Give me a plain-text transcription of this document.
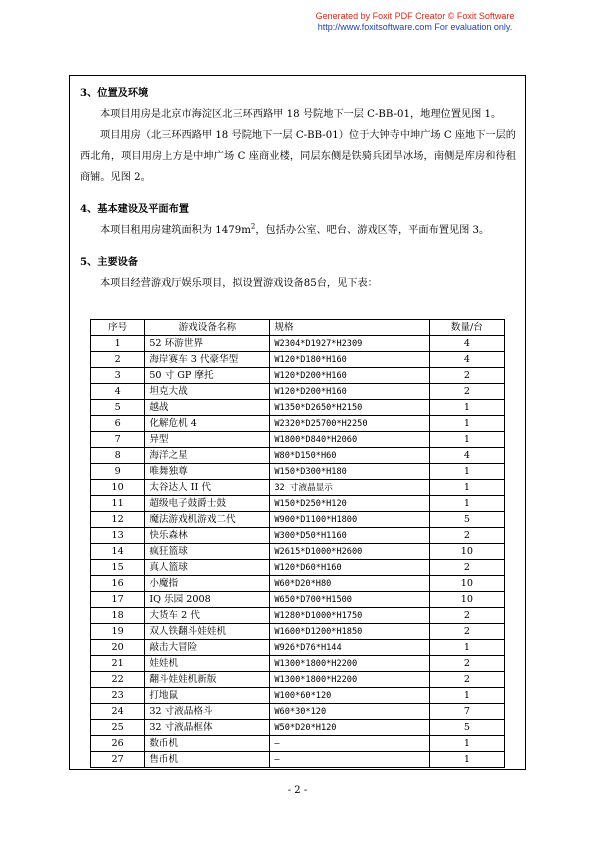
Generated by Foxit PDF Creator © Foxit Software
http://www.foxitsoftware.com For evaluation only.

3、位置及环境

本项目用房是北京市海淀区北三环西路甲 18 号院地下一层 C-BB-01，地理位置见图 1。

项目用房（北三环西路甲 18 号院地下一层 C-BB-01）位于大钟寺中坤广场 C 座地下一层的西北角，项目用房上方是中坤广场 C 座商业楼，同层东侧是铁骑兵团旱冰场，南侧是库房和待租商铺。见图 2。

4、基本建设及平面布置

本项目租用房建筑面积为 $1479m^2$，包括办公室、吧台、游戏区等，平面布置见图 3。

5、主要设备

本项目经营游戏厅娱乐项目，拟设置游戏设备85台，见下表：

序号	游戏设备名称	规格	数量/台
1	52 环游世界	W2304*D1927*H2309	4
2	海岸赛车 3 代豪华型	W120*D180*H160	4
3	50 寸 GP 摩托	W120*D200*H160	2
4	坦克大战	W120*D200*H160	2
5	越战	W1350*D2650*H2150	1
6	化解危机 4	W2320*D25700*H2250	1
7	异型	W1800*D840*H2060	1
8	海洋之星	W80*D150*H60	4
9	唯舞独尊	W150*D300*H180	1
10	太谷达人 II 代	32 寸液晶显示	1
11	超级电子鼓爵士鼓	W150*D250*H120	1
12	魔法游戏机游戏二代	W900*D1100*H1800	5
13	快乐森林	W300*D50*H1160	2
14	疯狂篮球	W2615*D1000*H2600	10
15	真人篮球	W120*D60*H160	2
16	小魔指	W60*D20*H80	10
17	IQ 乐园 2008	W650*D700*H1500	10
18	大货车 2 代	W1280*D1000*H1750	2
19	双人铁翻斗娃娃机	W1600*D1200*H1850	2
20	敲击大冒险	W926*D76*H144	1
21	娃娃机	W1300*1800*H2200	2
22	翻斗娃娃机新版	W1300*1800*H2200	2
23	打地鼠	W100*60*120	1
24	32 寸液晶格斗	W60*30*120	7
25	32 寸液晶框体	W50*D20*H120	5
26	数币机	—	1
27	售币机	—	1
- 2 -
